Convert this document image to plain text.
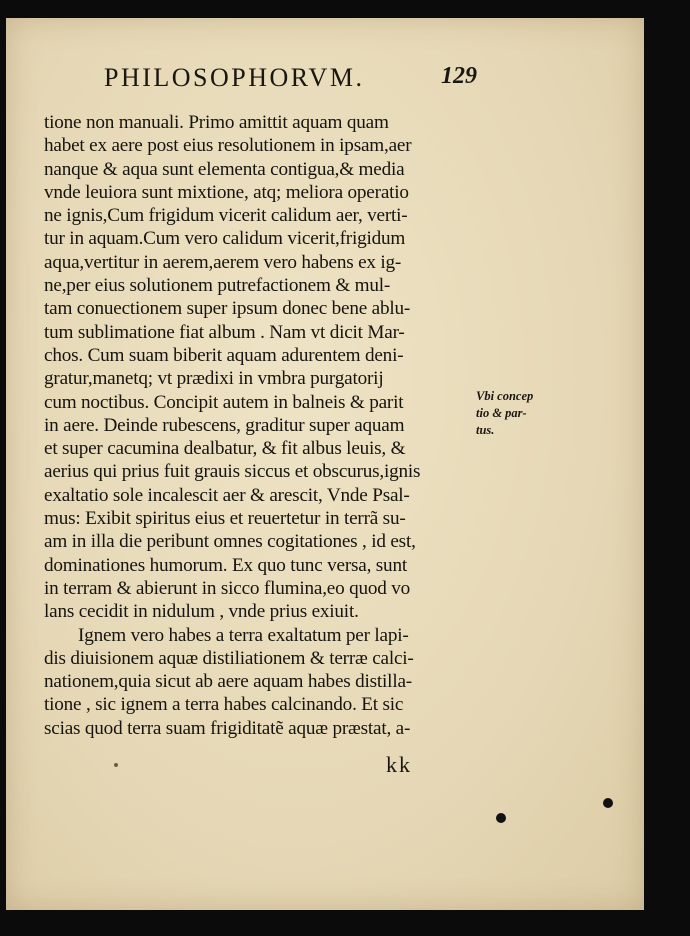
PHILOSOPHORVM.	129
tione non manuali. Primo amittit aquam quam
habet ex aere post eius resolutionem in ipsam,aer
nanque & aqua sunt elementa contigua,& media
vnde leuiora sunt mixtione, atq; meliora operatio
ne ignis,Cum frigidum vicerit calidum aer, verti-
tur in aquam.Cum vero calidum vicerit,frigidum
aqua,vertitur in aerem,aerem vero habens ex ig-
ne,per eius solutionem putrefactionem & mul-
tam conuectionem super ipsum donec bene ablu-
tum sublimatione fiat album . Nam vt dicit Mar-
chos. Cum suam biberit aquam adurentem deni-
gratur,manetq; vt prædixi in vmbra purgatorij
cum noctibus. Concipit autem in balneis & parit
in aere. Deinde rubescens, graditur super aquam
et super cacumina dealbatur, & fit albus leuis, &
aerius qui prius fuit grauis siccus et obscurus,ignis
exaltatio sole incalescit aer & arescit, Vnde Psal-
mus: Exibit spiritus eius et reuertetur in terrã su-
am in illa die peribunt omnes cogitationes , id est,
dominationes humorum. Ex quo tunc versa, sunt
in terram & abierunt in sicco flumina,eo quod vo
lans cecidit in nidulum , vnde prius exiuit.
Ignem vero habes a terra exaltatum per lapi-
dis diuisionem aquæ distiliationem & terræ calci-
nationem,quia sicut ab aere aquam habes distilla-
tione , sic ignem a terra habes calcinando. Et sic
scias quod terra suam frigiditatẽ aquæ præstat, a-
Vbi concep
tio & par-
tus.
kk
